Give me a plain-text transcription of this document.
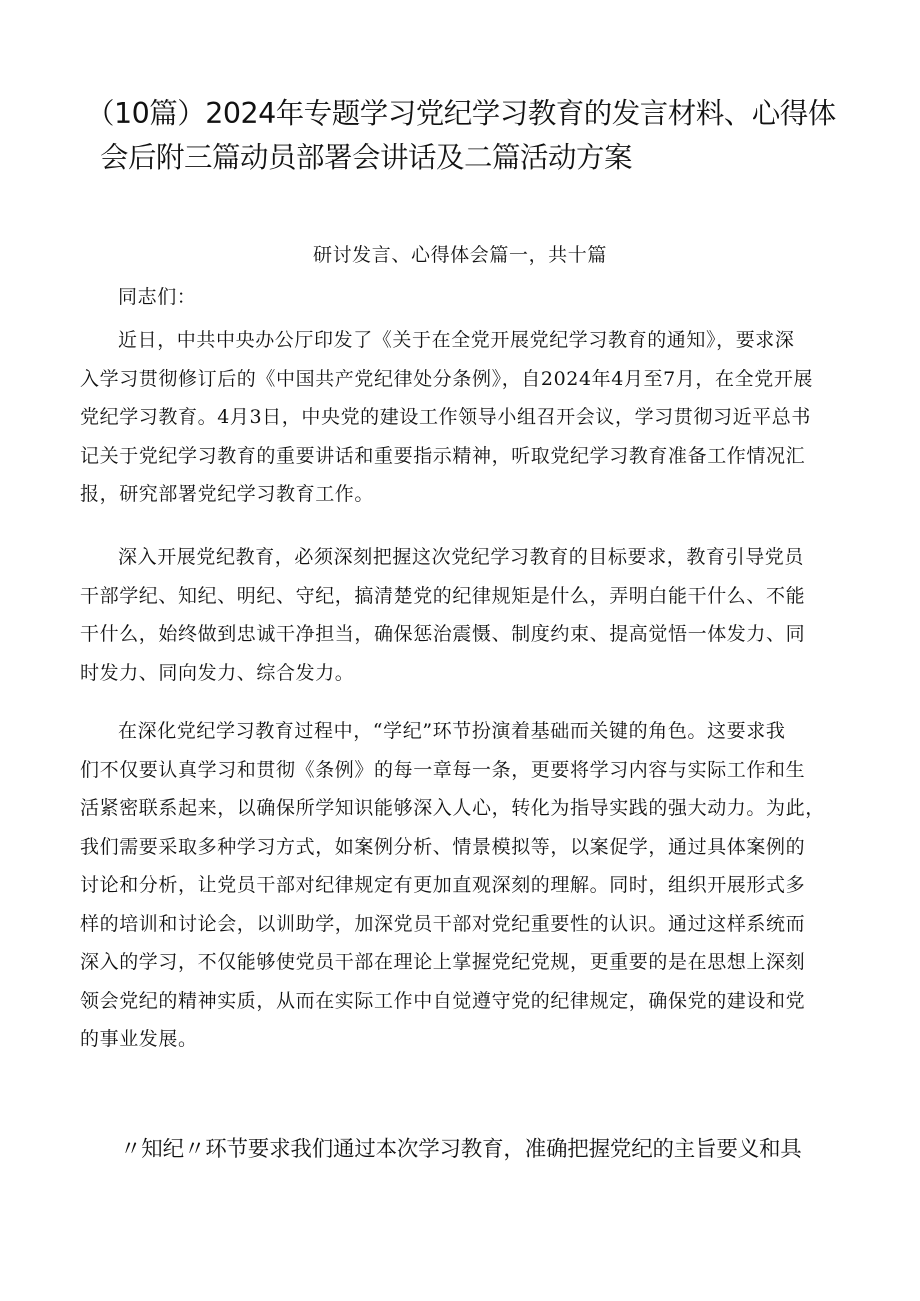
（10篇）2024年专题学习党纪学习教育的发言材料、心得体
会后附三篇动员部署会讲话及二篇活动方案
研讨发言、心得体会篇一，共十篇
同志们：
近日，中共中央办公厅印发了《关于在全党开展党纪学习教育的通知》，要求深
入学习贯彻修订后的《中国共产党纪律处分条例》，自2024年4月至7月，在全党开展
党纪学习教育。4月3日，中央党的建设工作领导小组召开会议，学习贯彻习近平总书
记关于党纪学习教育的重要讲话和重要指示精神，听取党纪学习教育准备工作情况汇
报，研究部署党纪学习教育工作。
深入开展党纪教育，必须深刻把握这次党纪学习教育的目标要求，教育引导党员
干部学纪、知纪、明纪、守纪，搞清楚党的纪律规矩是什么，弄明白能干什么、不能
干什么，始终做到忠诚干净担当，确保惩治震慑、制度约束、提高觉悟一体发力、同
时发力、同向发力、综合发力。
在深化党纪学习教育过程中，“学纪”环节扮演着基础而关键的角色。这要求我
们不仅要认真学习和贯彻《条例》的每一章每一条，更要将学习内容与实际工作和生
活紧密联系起来，以确保所学知识能够深入人心，转化为指导实践的强大动力。为此，
我们需要采取多种学习方式，如案例分析、情景模拟等，以案促学，通过具体案例的
讨论和分析，让党员干部对纪律规定有更加直观深刻的理解。同时，组织开展形式多
样的培训和讨论会，以训助学，加深党员干部对党纪重要性的认识。通过这样系统而
深入的学习，不仅能够使党员干部在理论上掌握党纪党规，更重要的是在思想上深刻
领会党纪的精神实质，从而在实际工作中自觉遵守党的纪律规定，确保党的建设和党
的事业发展。
〃知纪〃环节要求我们通过本次学习教育，准确把握党纪的主旨要义和具
